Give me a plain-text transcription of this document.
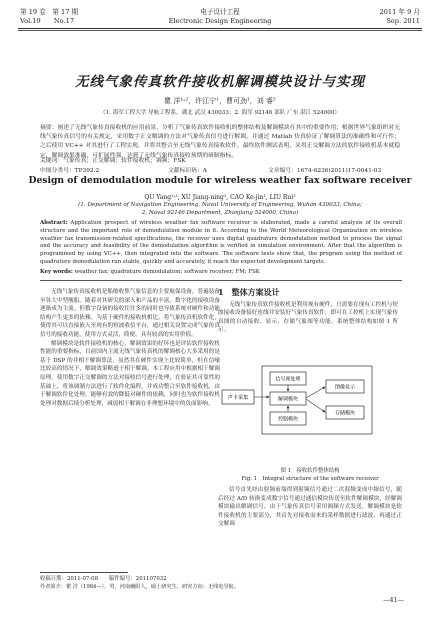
第 19 卷　第 17 期
Vol.19　　No.17
电子设计工程
Electronic Design Engineering
2011 年 9 月
Sep. 2011
无线气象传真软件接收机解调模块设计与实现
瞿 洋¹˒²，许江宁¹，曹可劲¹，刘 睿²
（1. 海军工程大学 导航工程系，湖北 武汉 430033；2. 海军 92146 部队 广东 湛江 524000）
摘要：阐述了无线气象传真接收机的应用前景，分析了气象传真软件接收机的整体结构及解调模块在其中的重要作用；根据世界气象组织对无线气象传真信号的有关规定，采用数字正交解调的方法对气象传真信号进行解调，并通过 Matlab 仿真验证了解调算法的准确性和可行性；之后使用 VC++ 对其进行了工程实现，并将其整合至无线气象传真接收软件，最终软件测试表明，采用正交解调方法的软件接收机基本就稳定，解调效果准确，可扩展性强，达到了无线气象传真接收预期的研制指标。
关键词：气象传真；正交解调；软件接收机；调频；FSK
中图分类号：TP392.2	文献标识码：A	文章编号：1674-6236(2011)17-0041-03
Design of demodulation module for wireless weather fax software receiver
QU Yang¹˒², XU Jiang-ning¹, CAO Ke-jin¹, LIU Rui²
(1. Department of Navigation Engineering, Naval University of Engineering, Wuhan 430033, China;
2. Naval 92146 Department, Zhanjiang 524000, China)
Abstract: Application prospect of wireless weather fax software receiver is elaborated, made a careful analysis of its overall structure and the important role of demodulation module in it. According to the World Meteorological Organization on wireless weather fax transmission-related specifications, the receiver uses digital quadrature demodulation method to process the signal and the accuracy and feasibility of the demodulation algorithm is verified in simulation environment. After that the algorithm is programmed by using VC++, then integrated into the software. The software tests show that, the program using the method of quadrature demodulation run stable, quickly and accurately, it reach the expected development targets.
Key words: weather fax; quadrature demodulation; software receiver; FM; FSK

无线气象传真接收机是船舶收集气象信息的主要航保设备，普遍装备至各大中型舰船。随着对其研究的深入和产品的丰富，数字化的接收设备逐渐成为主流。但数字设备的接收往往多的同时也导致系统对硬件和功能结构产生更多的依赖。为基于硬件的接收机相比，将气象传真机软件化，使得其可以直接嵌入至现有的短波收信平台，通过相关设置完成气象传真信号的接收功能，使用方式灵活，简便，具有较高的实用价值。

解调模块是软件接收机的核心，解调效果的好坏也是评估软件接收机性能的重要指标，目前国内主流无线气象传真机的解调核心大多采用的是基于 DSP 的非相干解调算法，虽然其在硬件实现上比较简单，但在信噪比较高的情况下，解调效果略逊于相干解调。本工程应用中根据相干解调原理，使用数字正交解调的方法对接收信号进行处理，在验证其可靠性的基础上，将该调制方法进行了软件化编程，并成功整合至软件接收机，由于解调软件化处理，能够有效的降低对硬件的依赖，同时也为软件接收机处理对数据后续分析处理，减弱相干解调在非理想环境中的负面影响。

1　整体方案设计

无线气象传真软件接收机是利用现有硬件，只需要在现有工控机与短波接收设备接好连线并安装好气象传真软件，即可在工控机上实现气象传真图的自动接收、显示、存储气象图等功能。系统整体结构如图 1 所示。

声卡采集
信号预处理
解调模块
控制模块
图像显示
存储模块
图 1　接收软件整体结构
Fig. 1　Integral structure of the software receiver

信号首先经由射频前端得到射频信号通过二次混频变成中频信号，随后经过 A/D 转换变成数字信号通过通信模块传送至软件解调模块，经解调模块输出解调信号，由于气象传真信号采用调频方式发送，解调模块是软件接收机的主要部分，其首先对接收而来的采样数据进行滤波，再通过正交解调

收稿日期：2011-07-08　　稿件编号：201107032
作者简介：瞿 洋（1984—），男，河南确阳人，硕士研究生。研究方向：无线电导航。
—41—
